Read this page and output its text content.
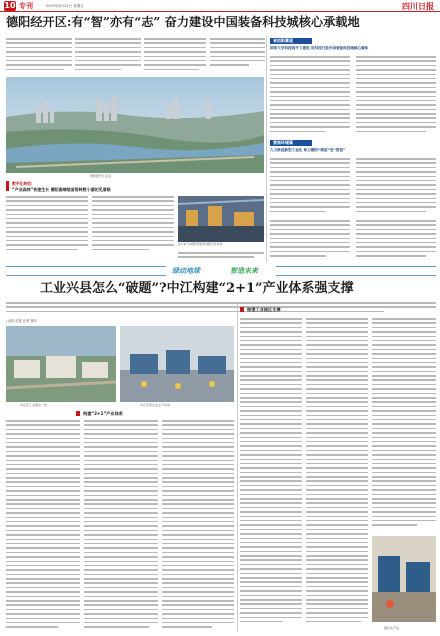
10 专刊	2023年8月25日 星期五	四川日报
德阳经开区:有“智”亦有“志” 奋力建设中国装备科技城核心承载地
德阳经开区全景
省创新赛道
国家大学科技园开工建设 用科技打造中国装备科技城核心载体
营商环境篇
大力推进新型工业化 助力德阳“制造”变“智造”
数字化转型:
“产业森林”快速生长 德阳高端装备智转数小循初见眉眼
东方电气(德阳)智能化的数字化车间
绿动地球	智造未来
工业兴县怎么“破题”?中江构建“2+1”产业体系强支撑
□四川日报 记者 刘欣
中江县工业园区一角	中江县某企业生产车间
构建“2+1”产业体系
做强工业园区支撑
园区生产线
